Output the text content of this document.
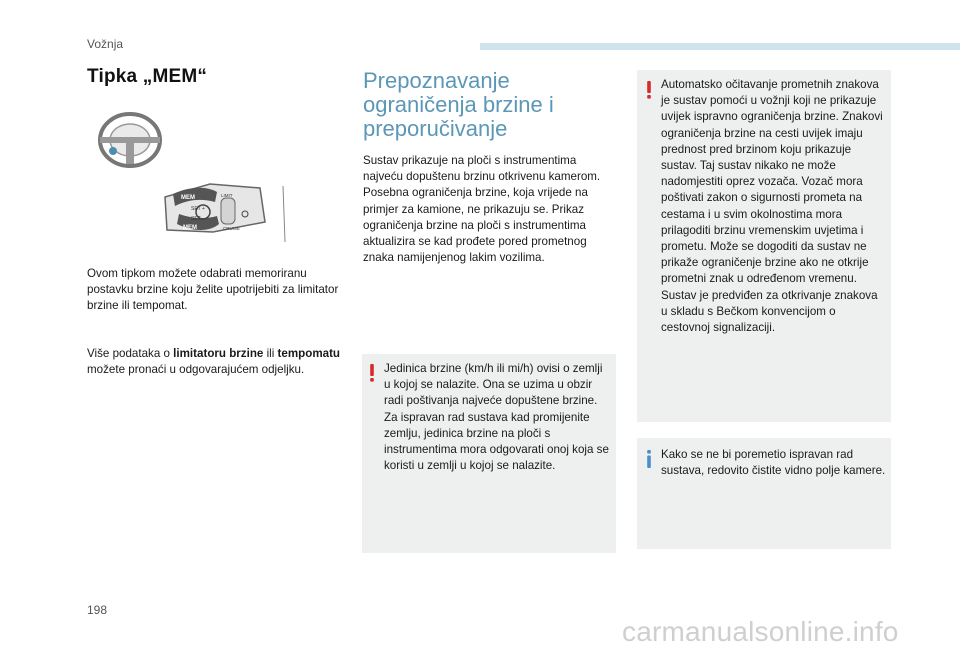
Vožnja
Tipka „MEM“
MEM
SET +
SET -
MEM	CRUISE
LIMIT
Ovom tipkom možete odabrati memoriranu postavku brzine koju želite upotrijebiti za limitator brzine ili tempomat.
Više podataka o limitatoru brzine ili tempomatu možete pronaći u odgovarajućem odjeljku.
Prepoznavanje
ograničenja brzine i
preporučivanje
Sustav prikazuje na ploči s instrumentima najveću dopuštenu brzinu otkrivenu kamerom. Posebna ograničenja brzine, koja vrijede na primjer za kamione, ne prikazuju se. Prikaz ograničenja brzine na ploči s instrumentima aktualizira se kad prođete pored prometnog znaka namijenjenog lakim vozilima.
Jedinica brzine (km/h ili mi/h) ovisi o zemlji u kojoj se nalazite. Ona se uzima u obzir radi poštivanja najveće dopuštene brzine. Za ispravan rad sustava kad promijenite zemlju, jedinica brzine na ploči s instrumentima mora odgovarati onoj koja se koristi u zemlji u kojoj se nalazite.
Automatsko očitavanje prometnih znakova je sustav pomoći u vožnji koji ne prikazuje uvijek ispravno ograničenja brzine. Znakovi ograničenja brzine na cesti uvijek imaju prednost pred brzinom koju prikazuje sustav. Taj sustav nikako ne može nadomjestiti oprez vozača. Vozač mora poštivati zakon o sigurnosti prometa na cestama i u svim okolnostima mora prilagoditi brzinu vremenskim uvjetima i prometu. Može se dogoditi da sustav ne prikaže ograničenje brzine ako ne otkrije prometni znak u određenom vremenu. Sustav je predviđen za otkrivanje znakova u skladu s Bečkom konvencijom o cestovnoj signalizaciji.
Kako se ne bi poremetio ispravan rad sustava, redovito čistite vidno polje kamere.
198
carmanualsonline.info
